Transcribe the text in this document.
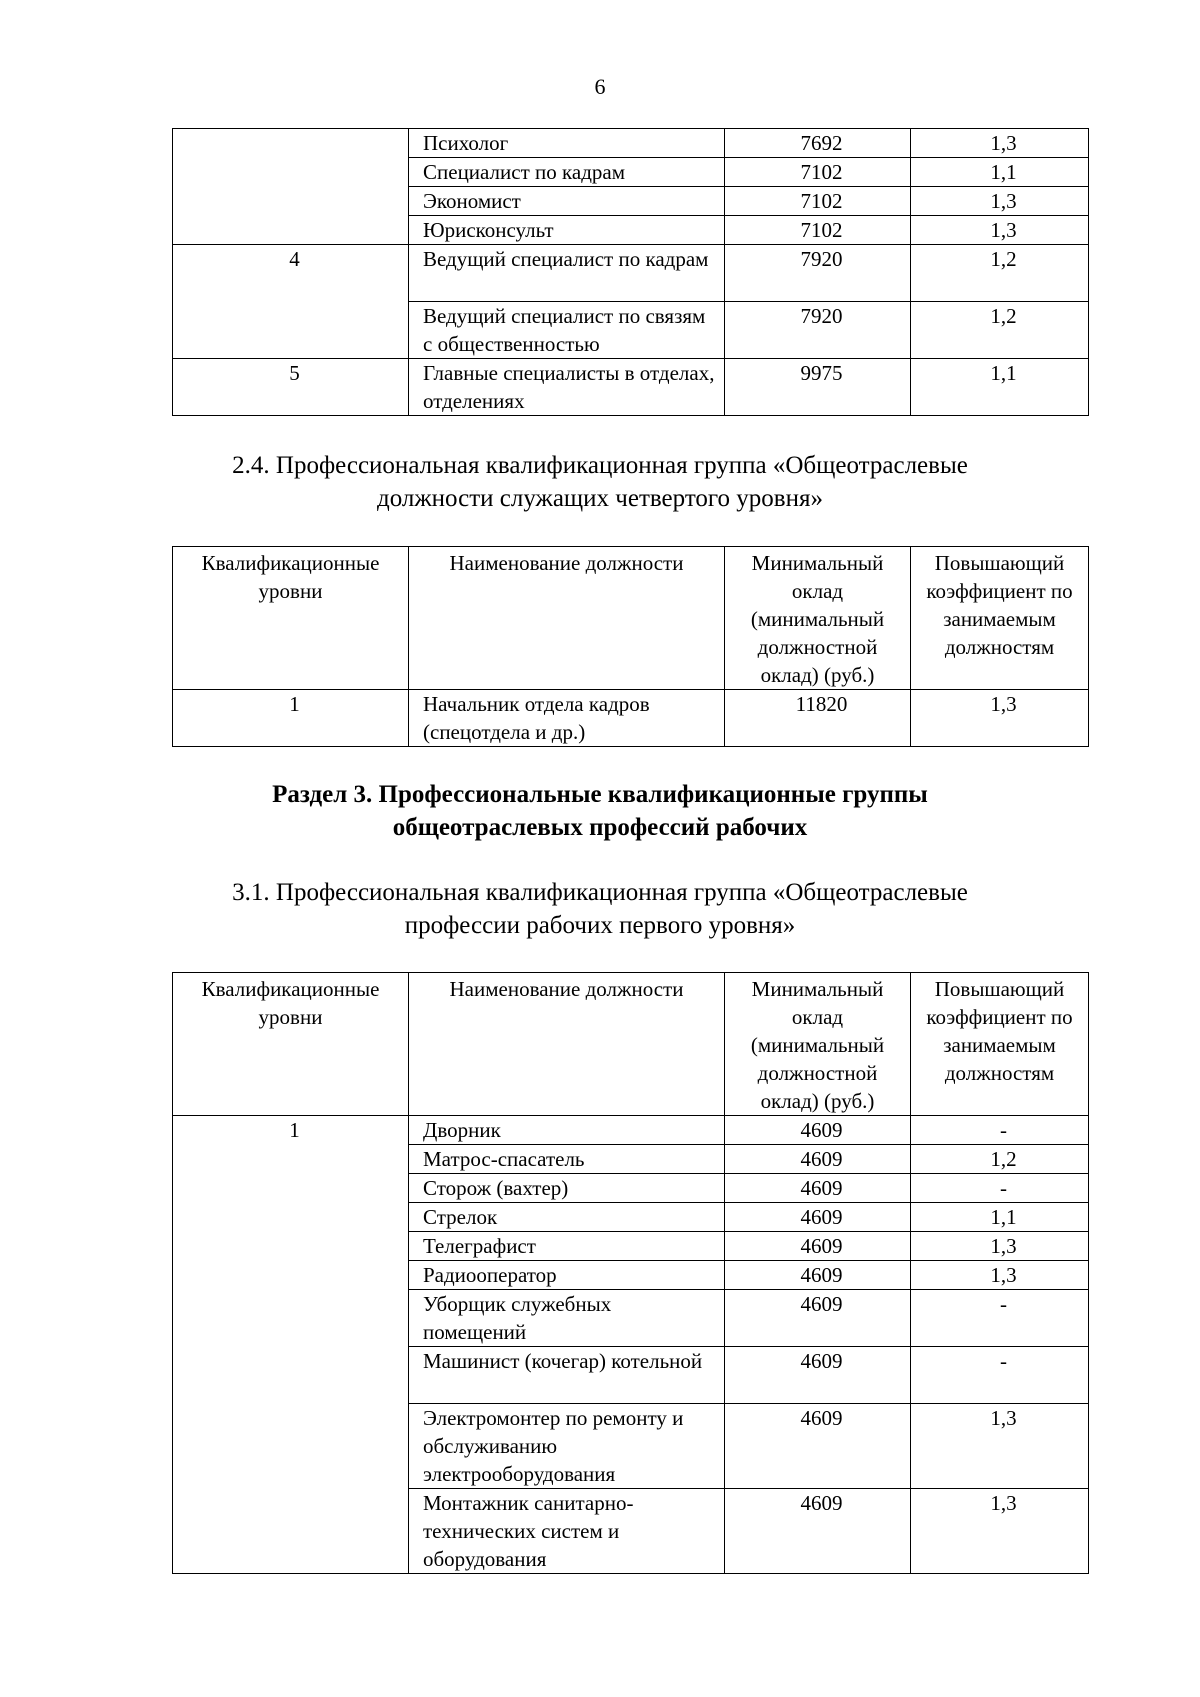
6
	Психолог	7692	1,3
	Специалист по кадрам	7102	1,1
	Экономист	7102	1,3
	Юрисконсульт	7102	1,3
4	Ведущий специалист по кадрам	7920	1,2
	Ведущий специалист по связям с общественностью	7920	1,2
5	Главные специалисты в отделах, отделениях	9975	1,1
2.4. Профессиональная квалификационная группа «Общеотраслевые
должности служащих четвертого уровня»
Квалификационные уровни	Наименование должности	Минимальный оклад (минимальный должностной оклад) (руб.)	Повышающий коэффициент по занимаемым должностям
1	Начальник отдела кадров (спецотдела и др.)	11820	1,3
Раздел 3. Профессиональные квалификационные группы
общеотраслевых профессий рабочих
3.1. Профессиональная квалификационная группа «Общеотраслевые
профессии рабочих первого уровня»
Квалификационные уровни	Наименование должности	Минимальный оклад (минимальный должностной оклад) (руб.)	Повышающий коэффициент по занимаемым должностям
1	Дворник	4609	-
	Матрос-спасатель	4609	1,2
	Сторож (вахтер)	4609	-
	Стрелок	4609	1,1
	Телеграфист	4609	1,3
	Радиооператор	4609	1,3
	Уборщик служебных помещений	4609	-
	Машинист (кочегар) котельной	4609	-
	Электромонтер по ремонту и обслуживанию электрооборудования	4609	1,3
	Монтажник санитарно-технических систем и оборудования	4609	1,3
